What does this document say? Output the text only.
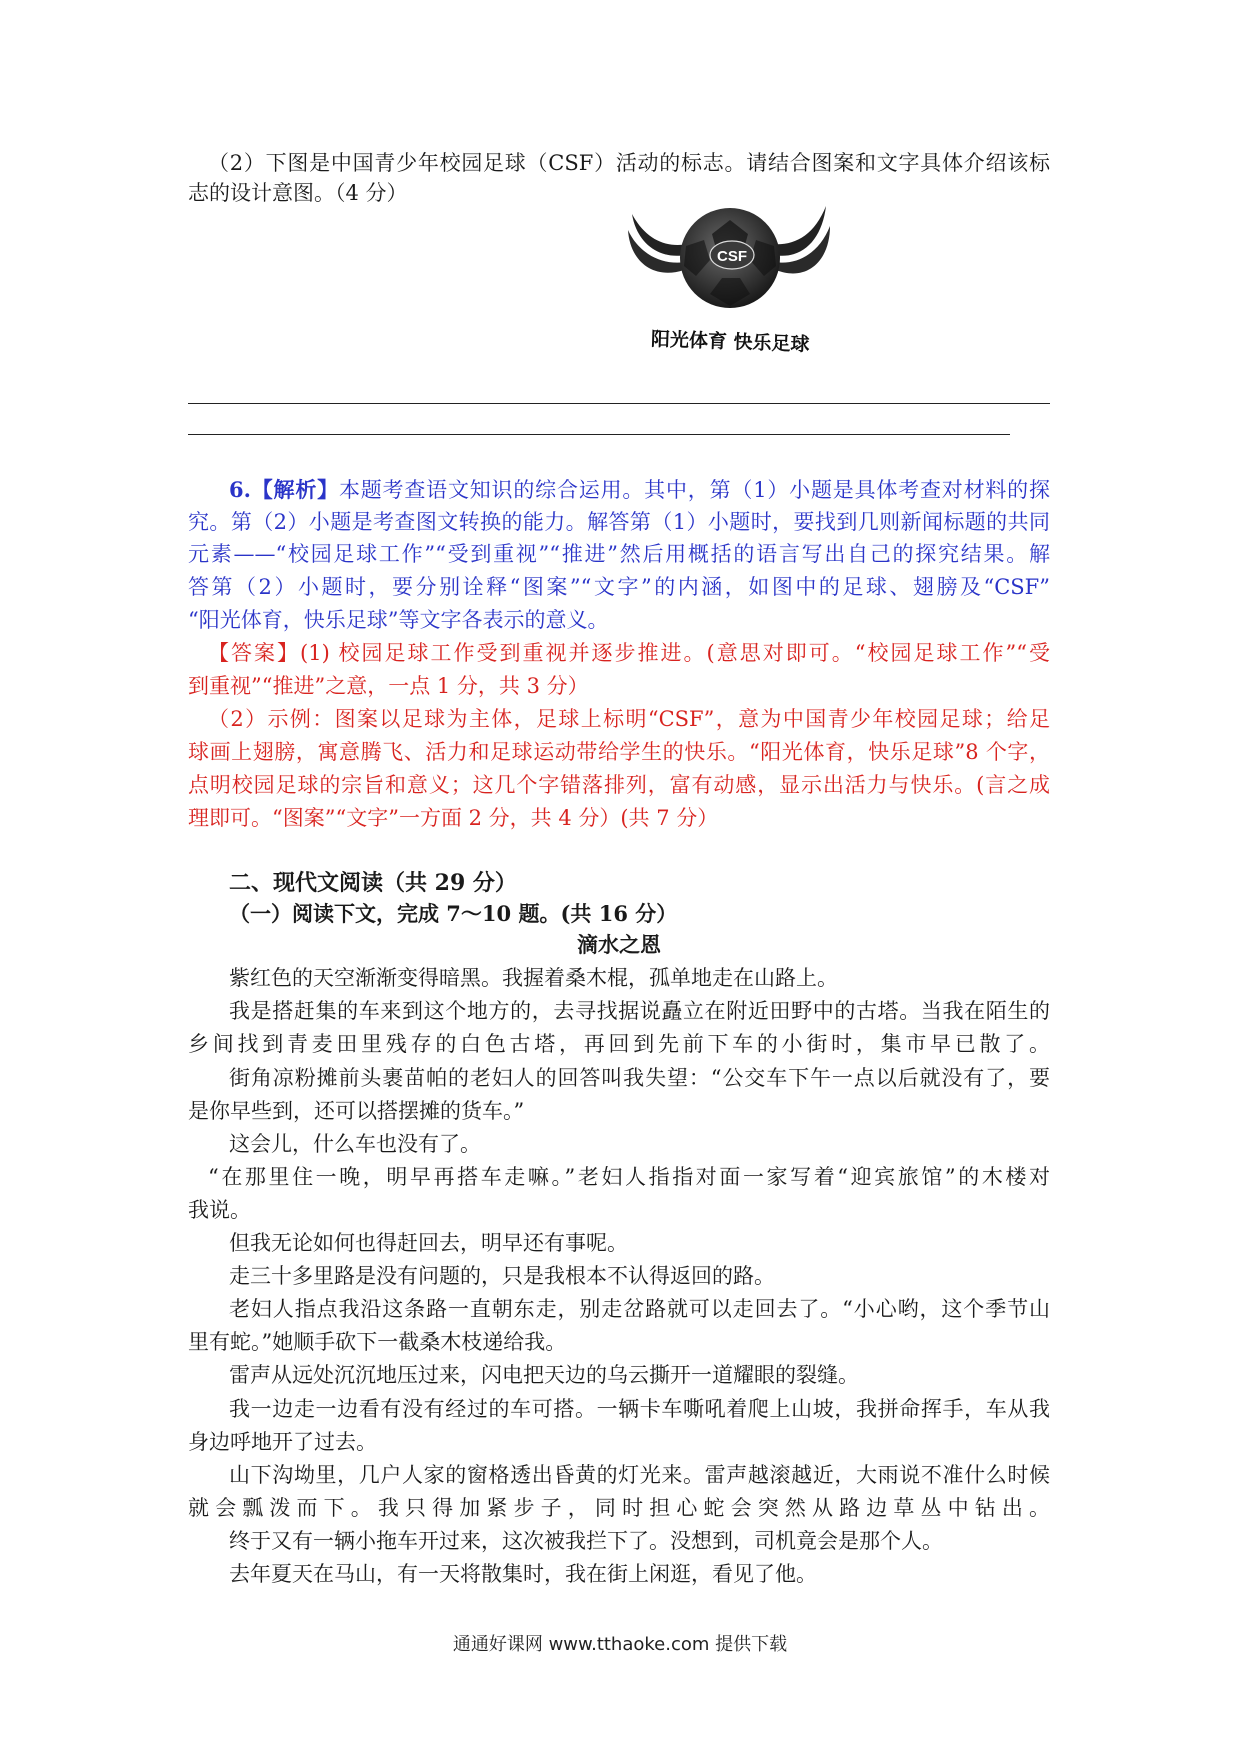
（2）下图是中国青少年校园足球（CSF）活动的标志。请结合图案和文字具体介绍该标
志的设计意图。（4 分）
CSF
阳光体育 快乐足球
6.【解析】本题考查语文知识的综合运用。其中，第（1）小题是具体考查对材料的探
究。第（2）小题是考查图文转换的能力。解答第（1）小题时，要找到几则新闻标题的共同
元素——“校园足球工作”“受到重视”“推进”然后用概括的语言写出自己的探究结果。解
答第（2）小题时，要分别诠释“图案”“文字”的内涵，如图中的足球、翅膀及“CSF”
“阳光体育，快乐足球”等文字各表示的意义。
【答案】(1) 校园足球工作受到重视并逐步推进。(意思对即可。“校园足球工作”“受
到重视”“推进”之意，一点 1 分，共 3 分）
（2）示例：图案以足球为主体，足球上标明“CSF”，意为中国青少年校园足球；给足
球画上翅膀，寓意腾飞、活力和足球运动带给学生的快乐。“阳光体育，快乐足球”8 个字，
点明校园足球的宗旨和意义；这几个字错落排列，富有动感，显示出活力与快乐。(言之成
理即可。“图案”“文字”一方面 2 分，共 4 分）(共 7 分）
二、现代文阅读（共 29 分）
（一）阅读下文，完成 7～10 题。(共 16 分）
滴水之恩
紫红色的天空渐渐变得暗黑。我握着桑木棍，孤单地走在山路上。
我是搭赶集的车来到这个地方的，去寻找据说矗立在附近田野中的古塔。当我在陌生的
乡间找到青麦田里残存的白色古塔，再回到先前下车的小街时，集市早已散了。
街角凉粉摊前头裹苗帕的老妇人的回答叫我失望：“公交车下午一点以后就没有了，要
是你早些到，还可以搭摆摊的货车。”
这会儿，什么车也没有了。
“在那里住一晚，明早再搭车走嘛。”老妇人指指对面一家写着“迎宾旅馆”的木楼对
我说。
但我无论如何也得赶回去，明早还有事呢。
走三十多里路是没有问题的，只是我根本不认得返回的路。
老妇人指点我沿这条路一直朝东走，别走岔路就可以走回去了。“小心哟，这个季节山
里有蛇。”她顺手砍下一截桑木枝递给我。
雷声从远处沉沉地压过来，闪电把天边的乌云撕开一道耀眼的裂缝。
我一边走一边看有没有经过的车可搭。一辆卡车嘶吼着爬上山坡，我拼命挥手，车从我
身边呼地开了过去。
山下沟坳里，几户人家的窗格透出昏黄的灯光来。雷声越滚越近，大雨说不准什么时候
就会瓢泼而下。我只得加紧步子，同时担心蛇会突然从路边草丛中钻出。
终于又有一辆小拖车开过来，这次被我拦下了。没想到，司机竟会是那个人。
去年夏天在马山，有一天将散集时，我在街上闲逛，看见了他。
通通好课网 www.tthaoke.com 提供下载
